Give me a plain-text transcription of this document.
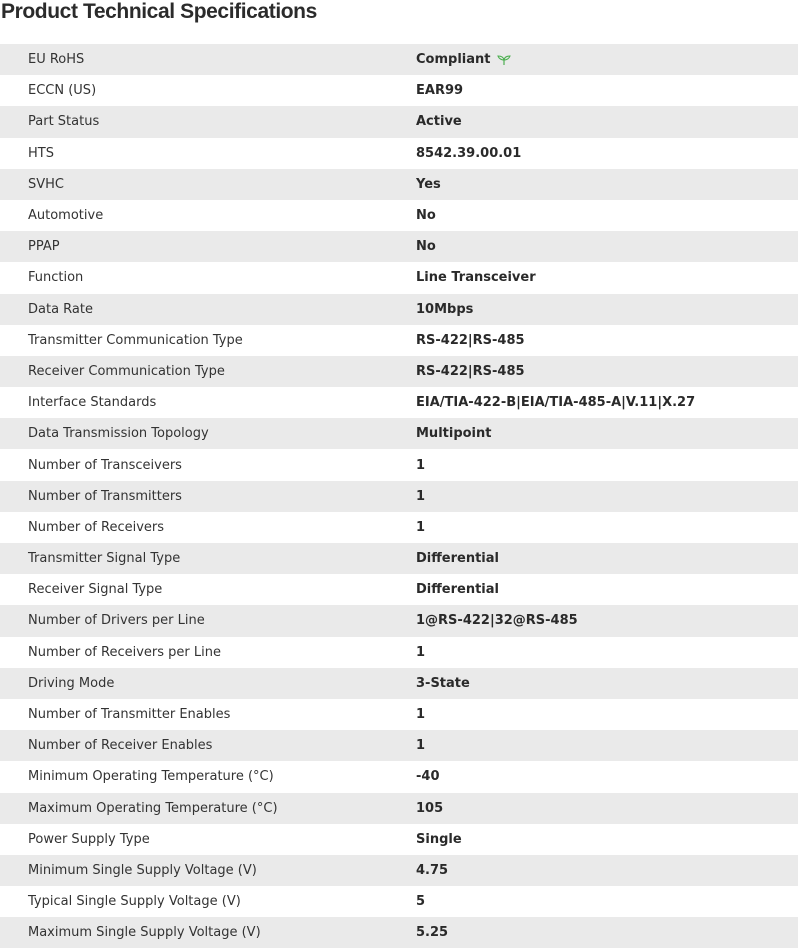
Product Technical Specifications
EU RoHS	Compliant
ECCN (US)	EAR99
Part Status	Active
HTS	8542.39.00.01
SVHC	Yes
Automotive	No
PPAP	No
Function	Line Transceiver
Data Rate	10Mbps
Transmitter Communication Type	RS-422|RS-485
Receiver Communication Type	RS-422|RS-485
Interface Standards	EIA/TIA-422-B|EIA/TIA-485-A|V.11|X.27
Data Transmission Topology	Multipoint
Number of Transceivers	1
Number of Transmitters	1
Number of Receivers	1
Transmitter Signal Type	Differential
Receiver Signal Type	Differential
Number of Drivers per Line	1@RS-422|32@RS-485
Number of Receivers per Line	1
Driving Mode	3-State
Number of Transmitter Enables	1
Number of Receiver Enables	1
Minimum Operating Temperature (°C)	-40
Maximum Operating Temperature (°C)	105
Power Supply Type	Single
Minimum Single Supply Voltage (V)	4.75
Typical Single Supply Voltage (V)	5
Maximum Single Supply Voltage (V)	5.25
